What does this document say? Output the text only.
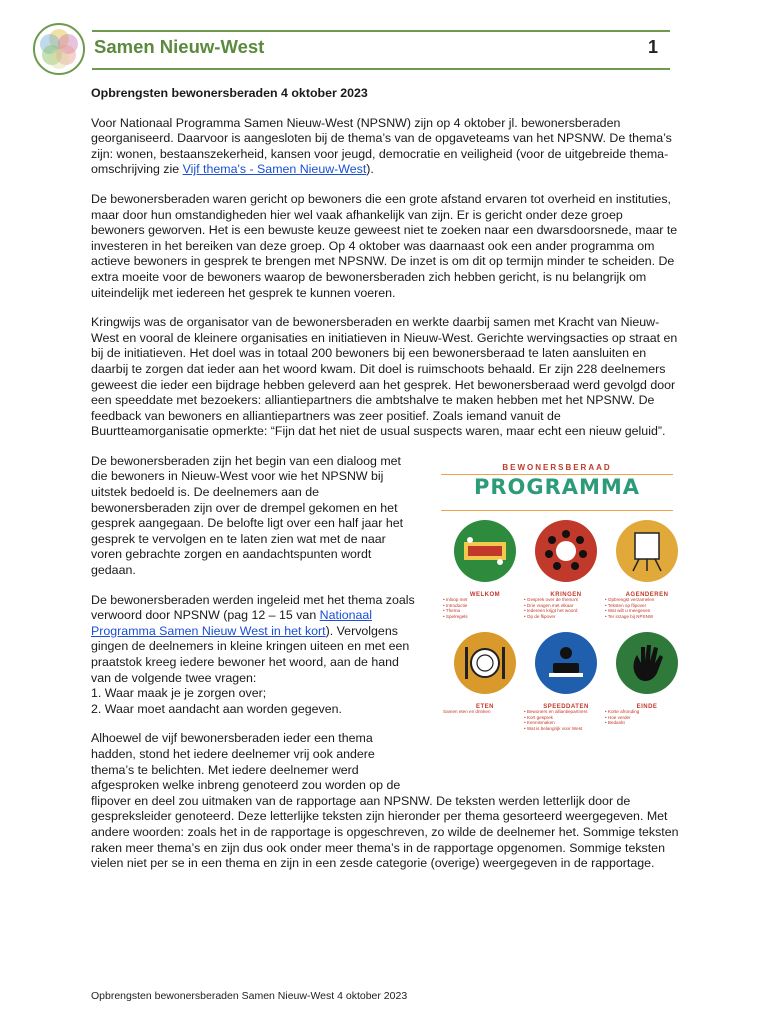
Samen Nieuw-West	1

Opbrengsten bewonersberaden 4 oktober 2023

Voor Nationaal Programma Samen Nieuw-West (NPSNW) zijn op 4 oktober jl. bewonersberaden georganiseerd. Daarvoor is aangesloten bij de thema’s van de opgaveteams van het NPSNW. De thema’s zijn: wonen, bestaanszekerheid, kansen voor jeugd, democratie en veiligheid (voor de uitgebreide thema-omschrijving zie Vijf thema's - Samen Nieuw-West).

De bewonersberaden waren gericht op bewoners die een grote afstand ervaren tot overheid en instituties, maar door hun omstandigheden hier wel vaak afhankelijk van zijn. Er is gericht onder deze groep bewoners geworven. Het is een bewuste keuze geweest niet te zoeken naar een dwarsdoorsnede, maar te investeren in het bereiken van deze groep. Op 4 oktober was daarnaast ook een ander programma om actieve bewoners in gesprek te brengen met NPSNW. De inzet is om dit op termijn minder te scheiden. De extra moeite voor de bewoners waarop de bewonersberaden zich hebben gericht, is nu belangrijk om uiteindelijk met iedereen het gesprek te kunnen voeren.

Kringwijs was de organisator van de bewonersberaden en werkte daarbij samen met Kracht van Nieuw-West en vooral de kleinere organisaties en initiatieven in Nieuw-West. Gerichte wervingsacties op straat en bij de initiatieven. Het doel was in totaal 200 bewoners bij een bewonersberaad te laten aansluiten en daarbij te zorgen dat ieder aan het woord kwam. Dit doel is ruimschoots behaald. Er zijn 228 deelnemers geweest die ieder een bijdrage hebben geleverd aan het gesprek. Het bewonersberaad werd gevolgd door een speeddate met bezoekers: alliantiepartners die ambtshalve te maken hebben met het NPSNW. De feedback van bewoners en alliantiepartners was zeer positief. Zoals iemand vanuit de Buurtteamorganisatie opmerkte: “Fijn dat het niet de usual suspects waren, maar echt een nieuw geluid”.

BEWONERSBERAAD
PROGRAMMA
WELKOM
• Inloop met
• Introductie
• Thema
• Spelregels
KRINGEN
• Gesprek over de thema's
• Drie vragen met elkaar
• Iedereen krijgt het woord
• Op de flipover
AGENDEREN
• Opbrengst verzamelen
• Teksten op flipover
• Wat wilt u meegeven
• Ter inzage bij NPSNW
ETEN
Samen eten en drinken
SPEEDDATEN
• Bewoners en alliantiepartners
• Kort gesprek
• Kennismaken
• Wat is belangrijk voor West
EINDE
• Korte afronding
• Hoe verder
• Bedankt

De bewonersberaden zijn het begin van een dialoog met die bewoners in Nieuw-West voor wie het NPSNW bij uitstek bedoeld is. De deelnemers aan de bewonersberaden zijn over de drempel gekomen en het gesprek aangegaan. De belofte ligt over een half jaar het gesprek te vervolgen en te laten zien wat met de naar voren gebrachte zorgen en aandachtspunten wordt gedaan.

De bewonersberaden werden ingeleid met het thema zoals verwoord door NPSNW (pag 12 – 15 van Nationaal Programma Samen Nieuw West in het kort). Vervolgens gingen de deelnemers in kleine kringen uiteen en met een praatstok kreeg iedere bewoner het woord, aan de hand van de volgende twee vragen:

1. Waar maak je je zorgen over;

2. Waar moet aandacht aan worden gegeven.

Alhoewel de vijf bewonersberaden ieder een thema hadden, stond het iedere deelnemer vrij ook andere thema’s te belichten. Met iedere deelnemer werd afgesproken welke inbreng genoteerd zou worden op de flipover en deel zou uitmaken van de rapportage aan NPSNW. De teksten werden letterlijk door de gespreksleider genoteerd. Deze letterlijke teksten zijn hieronder per thema gesorteerd weergegeven. Met andere woorden: zoals het in de rapportage is opgeschreven, zo wilde de deelnemer het. Sommige teksten raken meer thema’s en zijn dus ook onder meer thema’s in de rapportage opgenomen. Sommige teksten vielen niet per se in een thema en zijn in een zesde categorie (overige) weergegeven in de rapportage.

Opbrengsten bewonersberaden Samen Nieuw-West 4 oktober 2023
